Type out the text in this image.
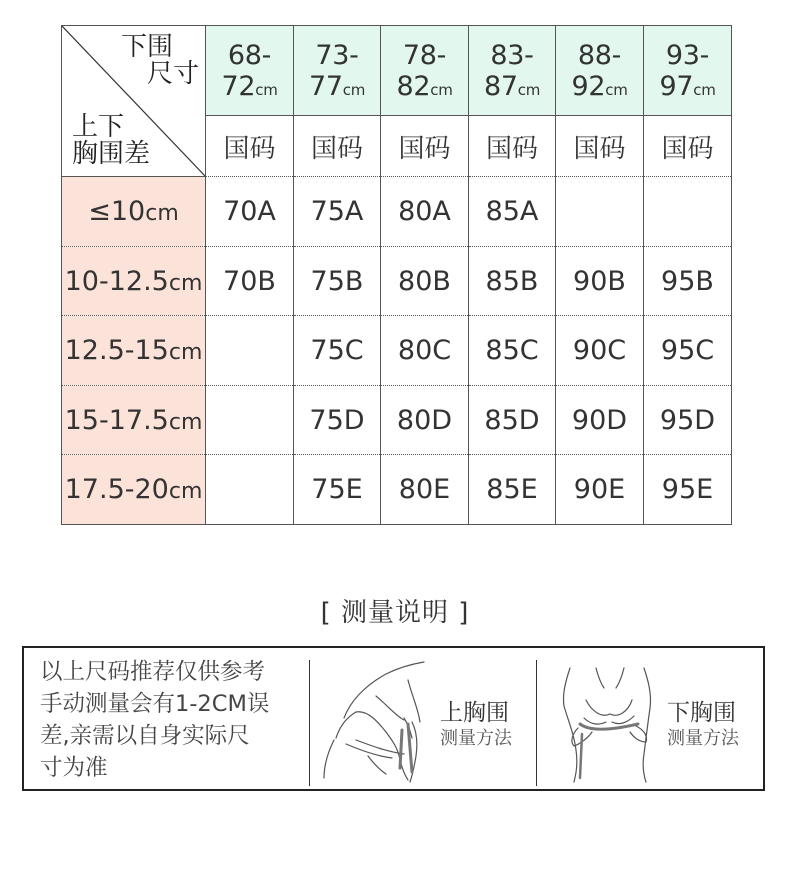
下围
尺寸
上下
胸围差	68-72cm	73-77cm	78-82cm	83-87cm	88-92cm	93-97cm
	国码	国码	国码	国码	国码	国码
≤10cm	70A	75A	80A	85A		
10-12.5cm	70B	75B	80B	85B	90B	95B
12.5-15cm		75C	80C	85C	90C	95C
15-17.5cm		75D	80D	85D	90D	95D
17.5-20cm		75E	80E	85E	90E	95E
[ 测量说明 ]
以上尺码推荐仅供参考
手动测量会有1-2CM误
差,亲需以自身实际尺
寸为准
上胸围
测量方法
下胸围
测量方法
